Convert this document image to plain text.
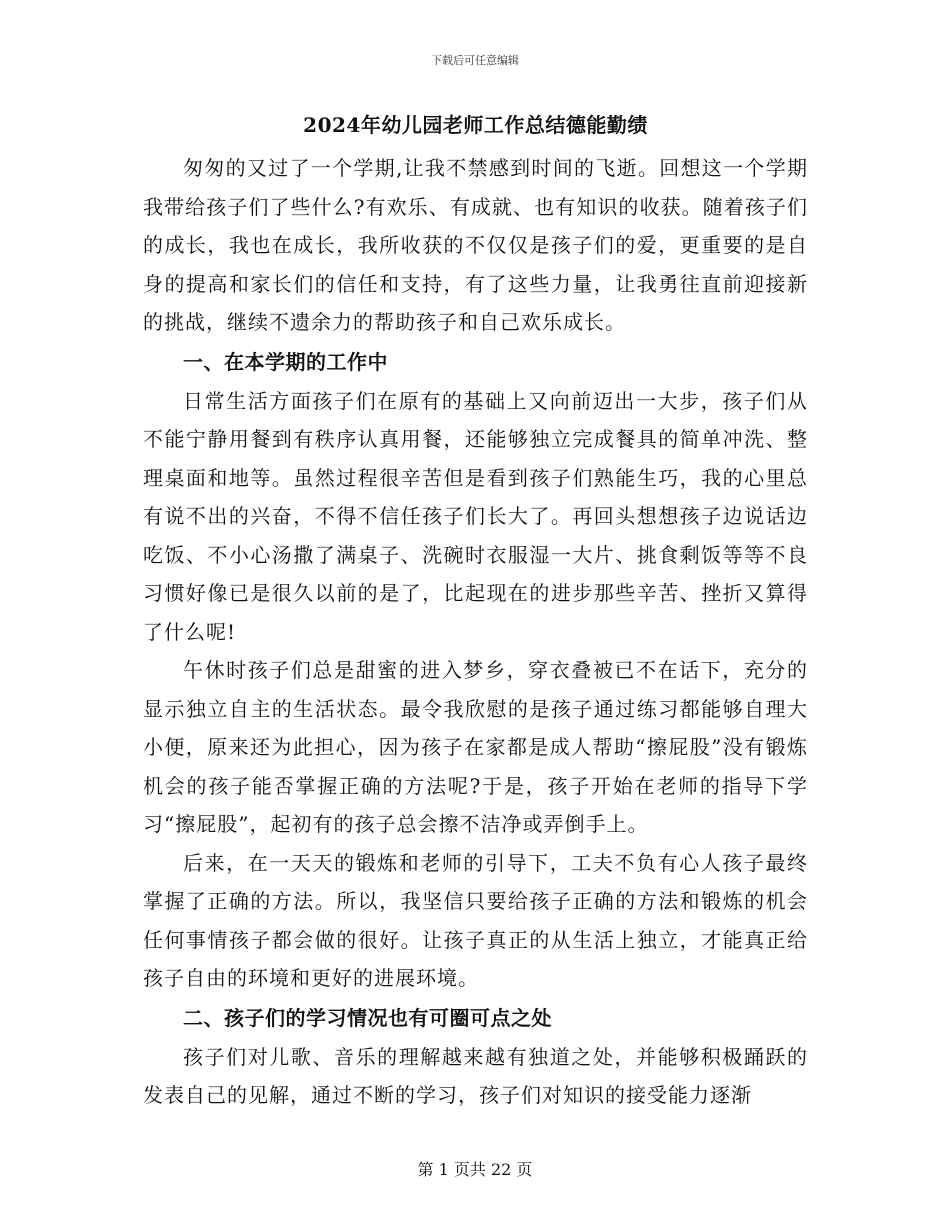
下载后可任意编辑
2024年幼儿园老师工作总结德能勤绩

匆匆的又过了一个学期,让我不禁感到时间的飞逝。回想这一个学期我带给孩子们了些什么?有欢乐、有成就、也有知识的收获。随着孩子们的成长，我也在成长，我所收获的不仅仅是孩子们的爱，更重要的是自身的提高和家长们的信任和支持，有了这些力量，让我勇往直前迎接新的挑战，继续不遗余力的帮助孩子和自己欢乐成长。

一、在本学期的工作中

日常生活方面孩子们在原有的基础上又向前迈出一大步，孩子们从不能宁静用餐到有秩序认真用餐，还能够独立完成餐具的简单冲洗、整理桌面和地等。虽然过程很辛苦但是看到孩子们熟能生巧，我的心里总有说不出的兴奋，不得不信任孩子们长大了。再回头想想孩子边说话边吃饭、不小心汤撒了满桌子、洗碗时衣服湿一大片、挑食剩饭等等不良习惯好像已是很久以前的是了，比起现在的进步那些辛苦、挫折又算得了什么呢!

午休时孩子们总是甜蜜的进入梦乡，穿衣叠被已不在话下，充分的显示独立自主的生活状态。最令我欣慰的是孩子通过练习都能够自理大小便，原来还为此担心，因为孩子在家都是成人帮助“擦屁股”没有锻炼机会的孩子能否掌握正确的方法呢?于是，孩子开始在老师的指导下学习“擦屁股”，起初有的孩子总会擦不洁净或弄倒手上。

后来，在一天天的锻炼和老师的引导下，工夫不负有心人孩子最终掌握了正确的方法。所以，我坚信只要给孩子正确的方法和锻炼的机会任何事情孩子都会做的很好。让孩子真正的从生活上独立，才能真正给孩子自由的环境和更好的进展环境。

二、孩子们的学习情况也有可圈可点之处

孩子们对儿歌、音乐的理解越来越有独道之处，并能够积极踊跃的发表自己的见解，通过不断的学习，孩子们对知识的接受能力逐渐

第 1 页共 22 页
